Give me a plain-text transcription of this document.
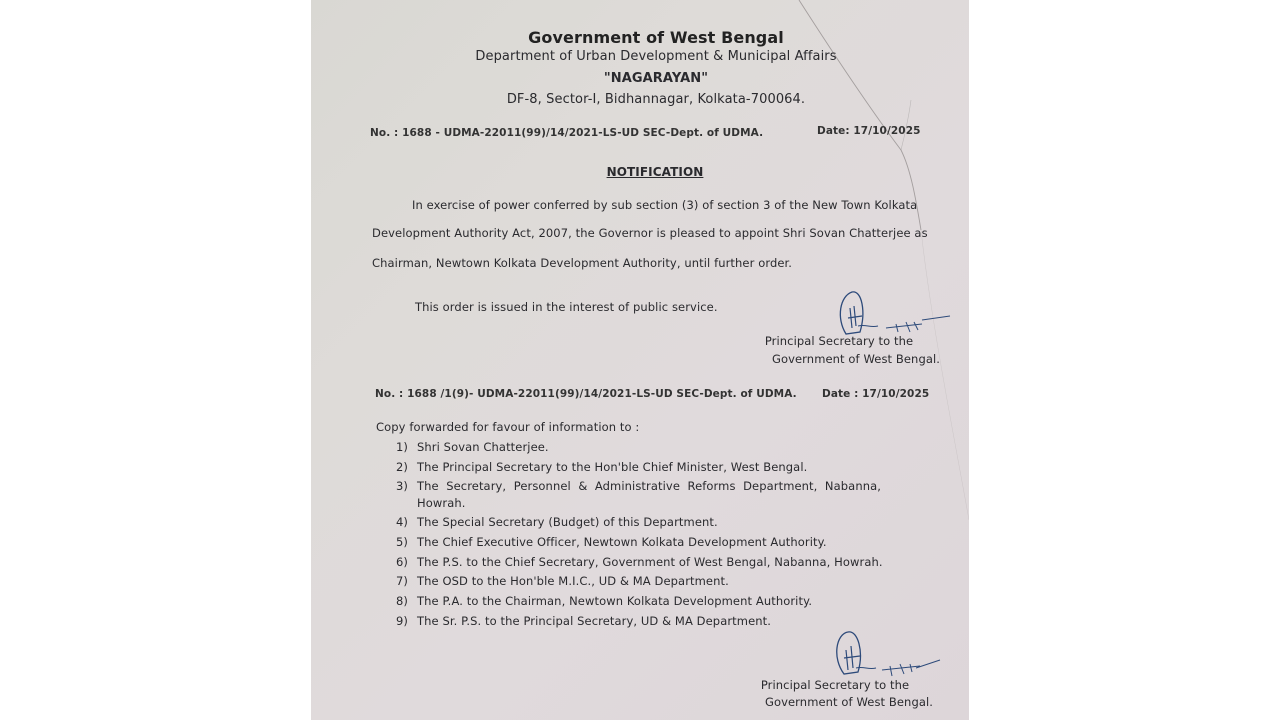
Government of West Bengal
Department of Urban Development & Municipal Affairs
"NAGARAYAN"
DF-8, Sector-I, Bidhannagar, Kolkata-700064.
No. : 1688 - UDMA-22011(99)/14/2021-LS-UD SEC-Dept. of UDMA.	Date: 17/10/2025
NOTIFICATION
In exercise of power conferred by sub section (3) of section 3 of the New Town Kolkata
Development Authority Act, 2007, the Governor is pleased to appoint Shri Sovan Chatterjee as
Chairman, Newtown Kolkata Development Authority, until further order.
This order is issued in the interest of public service.
Principal Secretary to the
Government of West Bengal.
No. : 1688 /1(9)- UDMA-22011(99)/14/2021-LS-UD SEC-Dept. of UDMA. Date : 17/10/2025
Copy forwarded for favour of information to :
1) Shri Sovan Chatterjee.
2) The Principal Secretary to the Hon'ble Chief Minister, West Bengal.
3) The  Secretary,  Personnel  &  Administrative  Reforms  Department,  Nabanna,
Howrah.
4) The Special Secretary (Budget) of this Department.
5) The Chief Executive Officer, Newtown Kolkata Development Authority.
6) The P.S. to the Chief Secretary, Government of West Bengal, Nabanna, Howrah.
7) The OSD to the Hon'ble M.I.C., UD & MA Department.
8) The P.A. to the Chairman, Newtown Kolkata Development Authority.
9) The Sr. P.S. to the Principal Secretary, UD & MA Department.
Principal Secretary to the
Government of West Bengal.
